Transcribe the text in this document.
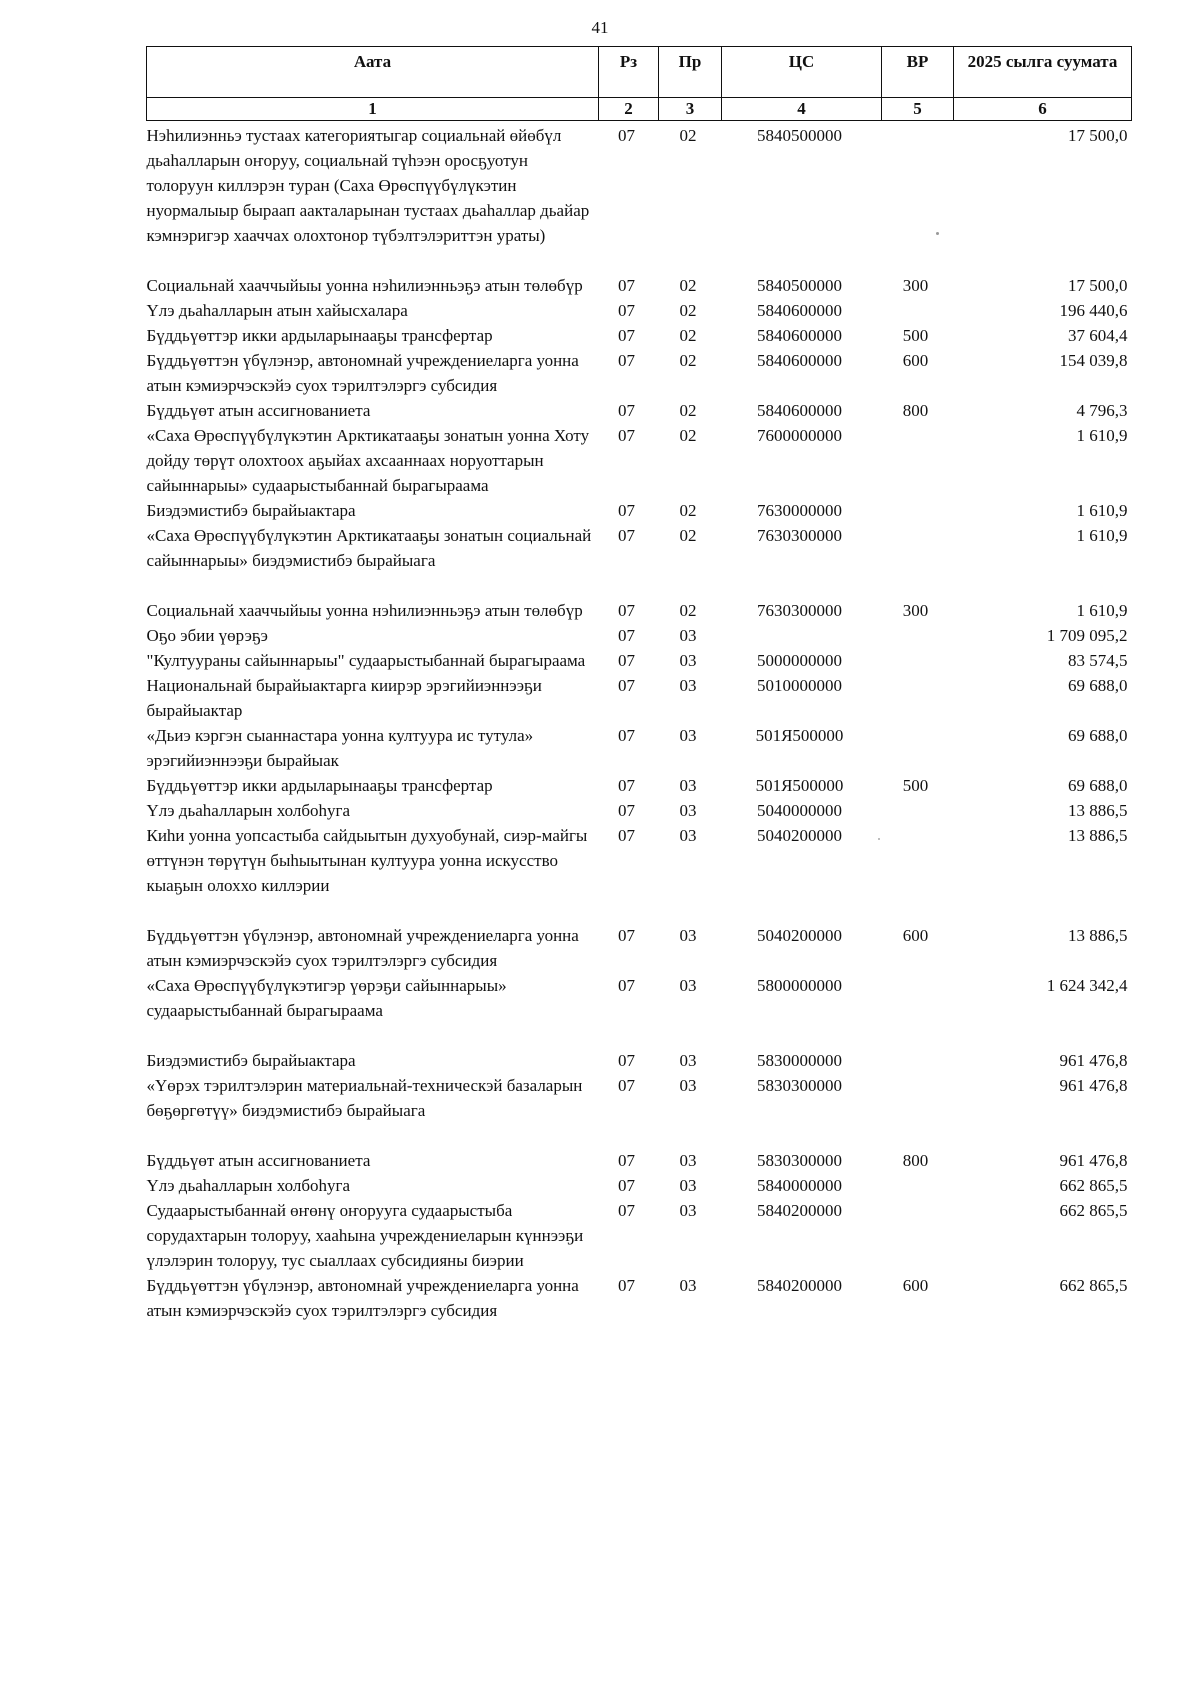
41
Аата	Рз	Пр	ЦС	ВР	2025 сылга суумата
1	2	3	4	5	6
Нэһилиэнньэ тустаах категориятыгар социальнай өйөбүл дьаһалларын оҥоруу, социальнай түһээн оросҕуотун толоруун киллэрэн туран (Саха Өрөспүүбүлүкэтин нуормалыыр быраап аакталарынан тустаах дьаһаллар дьайар кэмнэригэр хааччах олохтонор түбэлтэлэриттэн ураты)	07	02	5840500000		17 500,0
Социальнай хааччыйыы уонна нэһилиэнньэҕэ атын төлөбүр	07	02	5840500000	300	17 500,0
Үлэ дьаһалларын атын хайысхалара	07	02	5840600000		196 440,6
Бүддьүөттэр икки ардыларынааҕы трансфертар	07	02	5840600000	500	37 604,4
Бүддьүөттэн үбүлэнэр, автономнай учреждениеларга уонна атын кэмиэрчэскэйэ суох тэрилтэлэргэ субсидия	07	02	5840600000	600	154 039,8
Бүддьүөт атын ассигнованиета	07	02	5840600000	800	4 796,3
«Саха Өрөспүүбүлүкэтин Арктикатааҕы зонатын уонна Хоту дойду төрүт олохтоох аҕыйах ахсааннаах норуоттарын сайыннарыы» судаарыстыбаннай бырагыраама	07	02	7600000000		1 610,9
Биэдэмистибэ бырайыактара	07	02	7630000000		1 610,9
«Саха Өрөспүүбүлүкэтин Арктикатааҕы зонатын социальнай сайыннарыы» биэдэмистибэ бырайыага	07	02	7630300000		1 610,9
Социальнай хааччыйыы уонна нэһилиэнньэҕэ атын төлөбүр	07	02	7630300000	300	1 610,9
Оҕо эбии үөрэҕэ	07	03			1 709 095,2
"Култуураны сайыннарыы" судаарыстыбаннай бырагыраама	07	03	5000000000		83 574,5
Национальнай бырайыактарга киирэр эрэгийиэннээҕи бырайыактар	07	03	5010000000		69 688,0
«Дьиэ кэргэн сыаннастара уонна култуура ис тутула» эрэгийиэннээҕи бырайыак	07	03	501Я500000		69 688,0
Бүддьүөттэр икки ардыларынааҕы трансфертар	07	03	501Я500000	500	69 688,0
Үлэ дьаһалларын холбоһуга	07	03	5040000000		13 886,5
Киһи уонна уопсастыба сайдыытын духуобунай, сиэр-майгы өттүнэн төрүтүн быһыытынан култуура уонна искусство кыаҕын олоххо киллэрии	07	03	5040200000		13 886,5
Бүддьүөттэн үбүлэнэр, автономнай учреждениеларга уонна атын кэмиэрчэскэйэ суох тэрилтэлэргэ субсидия	07	03	5040200000	600	13 886,5
«Саха Өрөспүүбүлүкэтигэр үөрэҕи сайыннарыы» судаарыстыбаннай бырагыраама	07	03	5800000000		1 624 342,4
Биэдэмистибэ бырайыактара	07	03	5830000000		961 476,8
«Үөрэх тэрилтэлэрин материальнай-техническэй базаларын бөҕөргөтүү» биэдэмистибэ бырайыага	07	03	5830300000		961 476,8
Бүддьүөт атын ассигнованиета	07	03	5830300000	800	961 476,8
Үлэ дьаһалларын холбоһуга	07	03	5840000000		662 865,5
Судаарыстыбаннай өҥөнү оҥорууга судаарыстыба сорудахтарын толоруу, хааһына учреждениеларын күннээҕи үлэлэрин толоруу, тус сыаллаах субсидияны биэрии	07	03	5840200000		662 865,5
Бүддьүөттэн үбүлэнэр, автономнай учреждениеларга уонна атын кэмиэрчэскэйэ суох тэрилтэлэргэ субсидия	07	03	5840200000	600	662 865,5
